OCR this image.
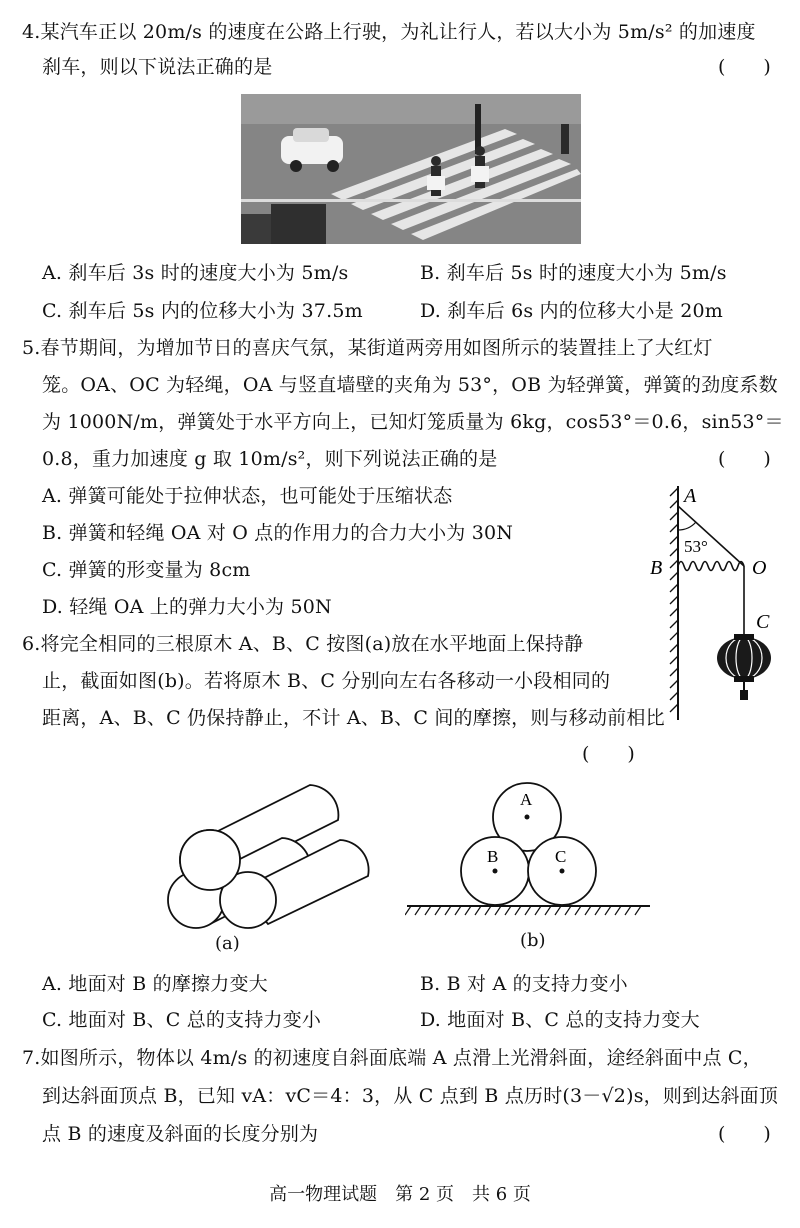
4.某汽车正以 20m/s 的速度在公路上行驶，为礼让行人，若以大小为 5m/s² 的加速度
刹车，则以下说法正确的是	(　　)
A. 刹车后 3s 时的速度大小为 5m/s	B. 刹车后 5s 时的速度大小为 5m/s
C. 刹车后 5s 内的位移大小为 37.5m	D. 刹车后 6s 内的位移大小是 20m
5.春节期间，为增加节日的喜庆气氛，某街道两旁用如图所示的装置挂上了大红灯
笼。OA、OC 为轻绳，OA 与竖直墙壁的夹角为 53°，OB 为轻弹簧，弹簧的劲度系数
为 1000N/m，弹簧处于水平方向上，已知灯笼质量为 6kg，cos53°＝0.6，sin53°＝
0.8，重力加速度 g 取 10m/s²，则下列说法正确的是	(　　)
A. 弹簧可能处于拉伸状态，也可能处于压缩状态
B. 弹簧和轻绳 OA 对 O 点的作用力的合力大小为 30N
C. 弹簧的形变量为 8cm
D. 轻绳 OA 上的弹力大小为 50N
A
53°
B	O
C
6.将完全相同的三根原木 A、B、C 按图(a)放在水平地面上保持静
止，截面如图(b)。若将原木 B、C 分别向左右各移动一小段相同的
距离，A、B、C 仍保持静止，不计 A、B、C 间的摩擦，则与移动前相比
(　　)
(a)
A
B	C
(b)
A. 地面对 B 的摩擦力变大	B. B 对 A 的支持力变小
C. 地面对 B、C 总的支持力变小	D. 地面对 B、C 总的支持力变大
7.如图所示，物体以 4m/s 的初速度自斜面底端 A 点滑上光滑斜面，途经斜面中点 C，
到达斜面顶点 B，已知 vA：vC＝4：3，从 C 点到 B 点历时(3－√2)s，则到达斜面顶
点 B 的速度及斜面的长度分别为	(　　)
高一物理试题　第 2 页　共 6 页
